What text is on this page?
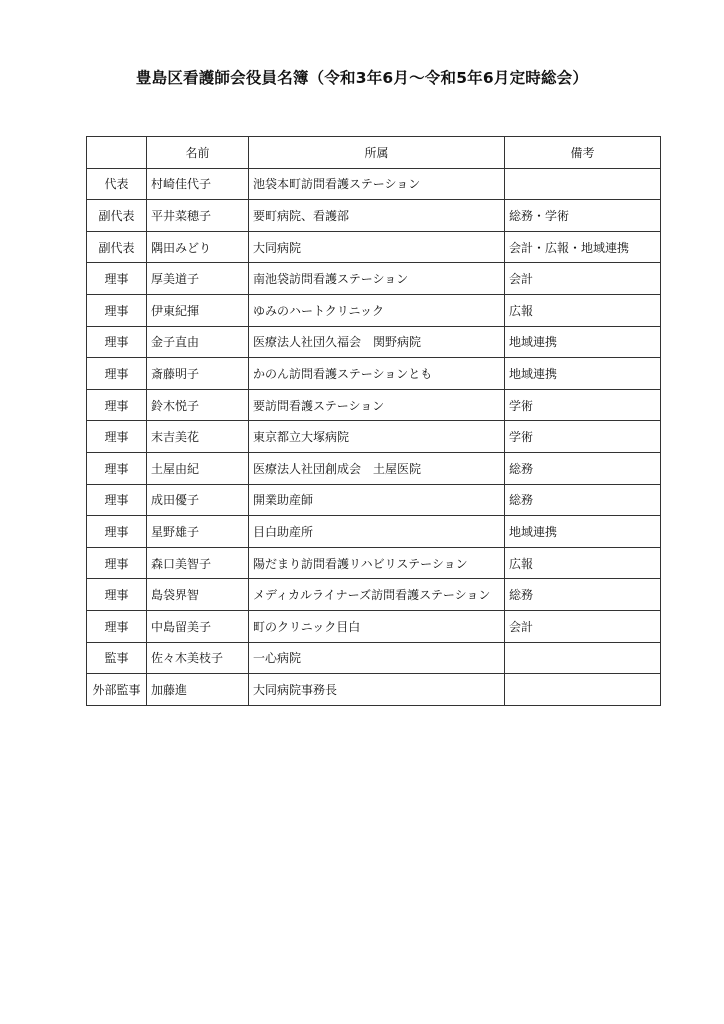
豊島区看護師会役員名簿（令和3年6月～令和5年6月定時総会）
	名前	所属	備考
代表	村崎佳代子	池袋本町訪問看護ステーション	
副代表	平井菜穂子	要町病院、看護部	総務・学術
副代表	隅田みどり	大同病院	会計・広報・地域連携
理事	厚美道子	南池袋訪問看護ステーション	会計
理事	伊東紀揮	ゆみのハートクリニック	広報
理事	金子直由	医療法人社団久福会　関野病院	地域連携
理事	斎藤明子	かのん訪問看護ステーションとも	地域連携
理事	鈴木悦子	要訪問看護ステーション	学術
理事	末吉美花	東京都立大塚病院	学術
理事	土屋由紀	医療法人社団創成会　土屋医院	総務
理事	成田優子	開業助産師	総務
理事	星野雄子	目白助産所	地域連携
理事	森口美智子	陽だまり訪問看護リハビリステーション	広報
理事	島袋界智	メディカルライナーズ訪問看護ステーション	総務
理事	中島留美子	町のクリニック目白	会計
監事	佐々木美枝子	一心病院	
外部監事	加藤進	大同病院事務長	
